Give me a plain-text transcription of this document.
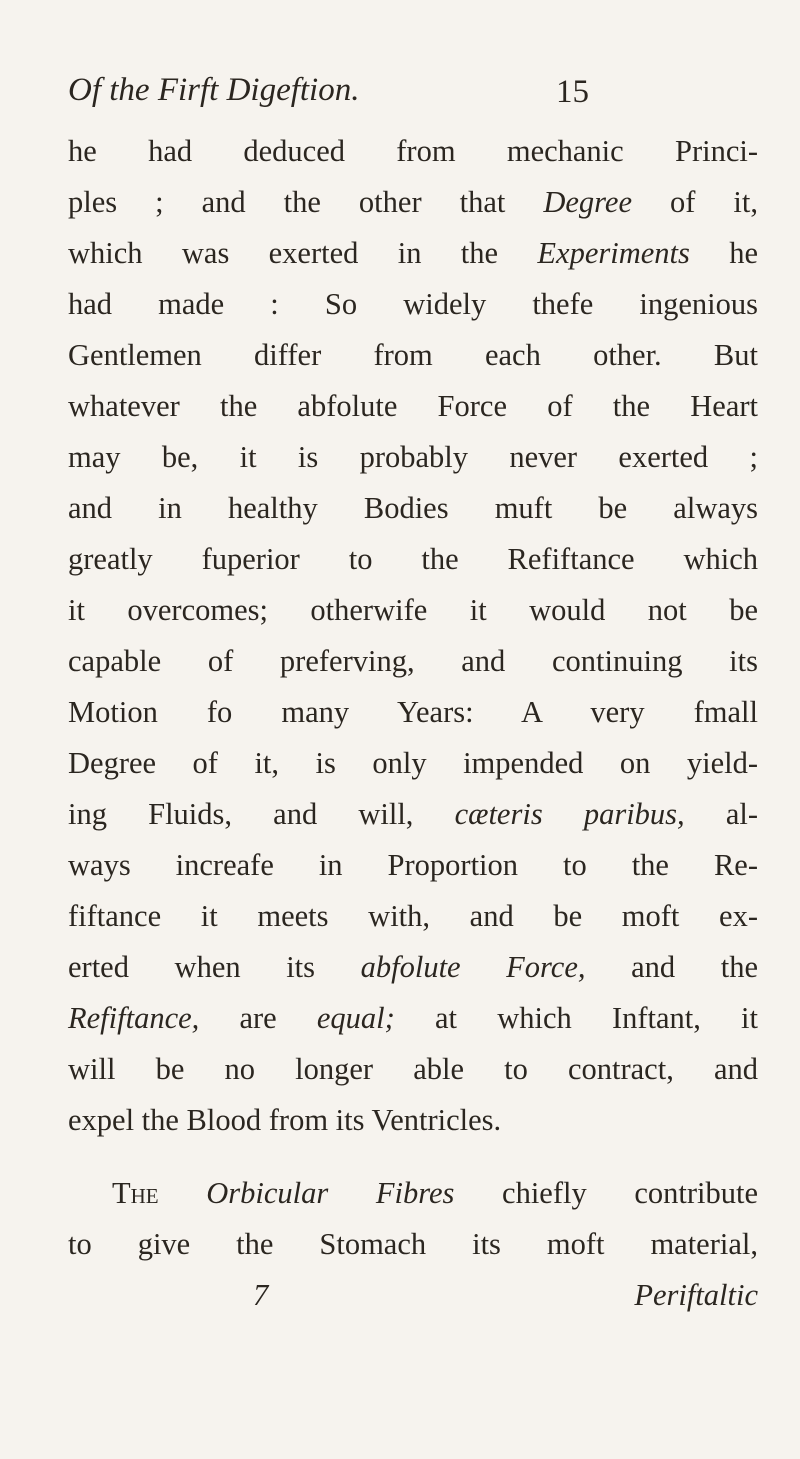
Of the Firft Digeftion.	15
he had deduced from mechanic Princi-
ples ; and the other that Degree of it,
which was exerted in the Experiments he
had made : So widely thefe ingenious
Gentlemen differ from each other. But
whatever the abfolute Force of the Heart
may be, it is probably never exerted ;
and in healthy Bodies muft be always
greatly fuperior to the Refiftance which
it overcomes; otherwife it would not be
capable of preferving, and continuing its
Motion fo many Years: A very fmall
Degree of it, is only impended on yield-
ing Fluids, and will, cæteris paribus, al-
ways increafe in Proportion to the Re-
fiftance it meets with, and be moft ex-
erted when its abfolute Force, and the
Refiftance, are equal; at which Inftant, it
will be no longer able to contract, and
expel the Blood from its Ventricles.
The Orbicular Fibres chiefly contribute
to give the Stomach its moft material,
7	Periftaltic
